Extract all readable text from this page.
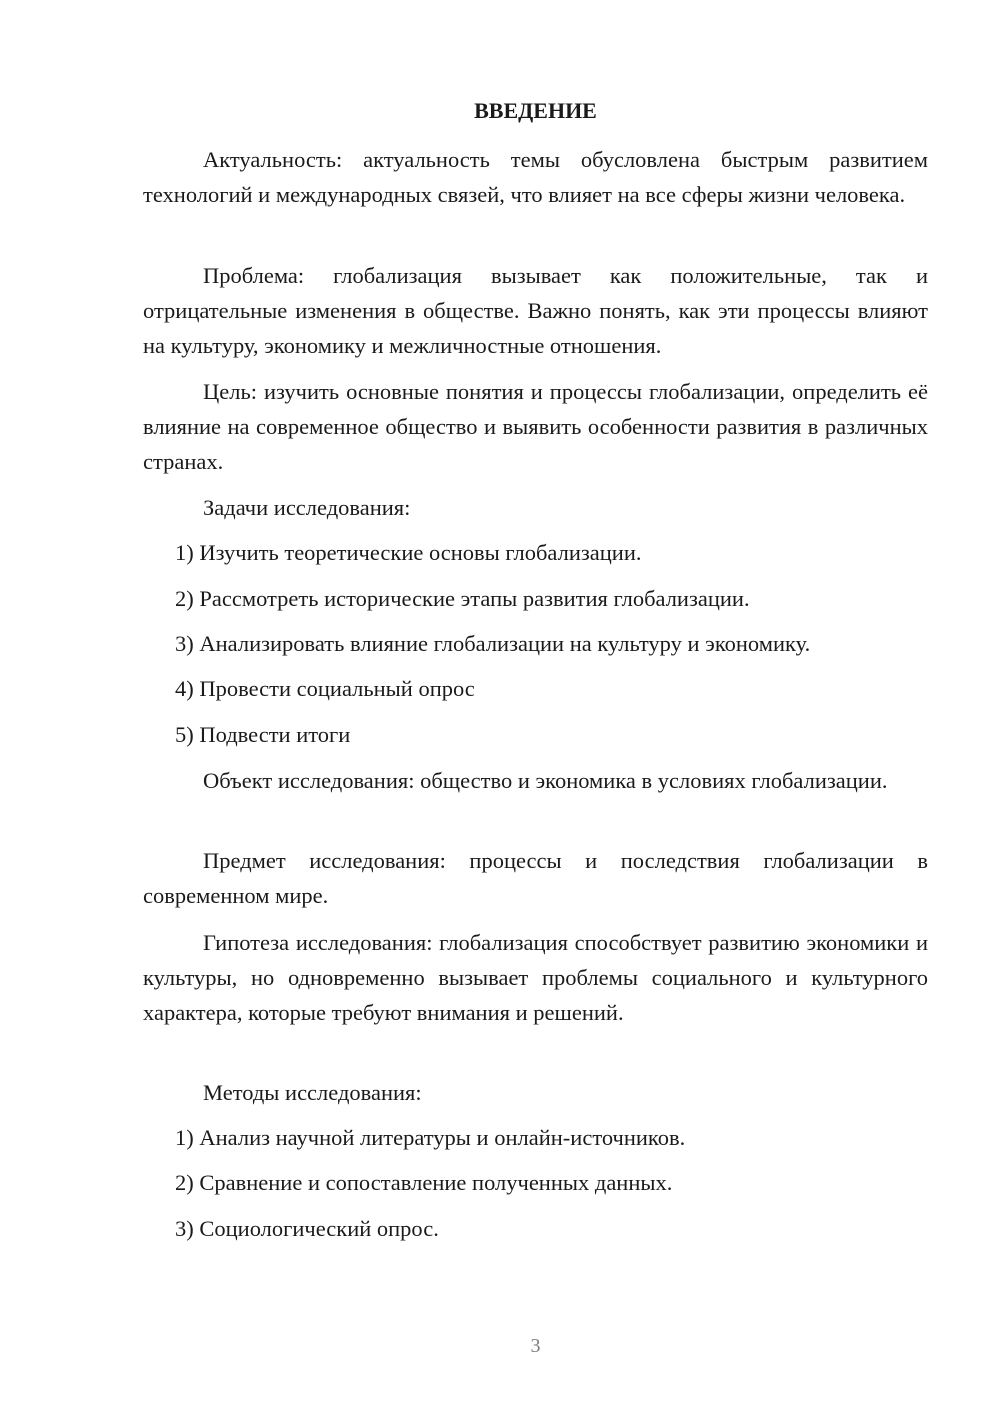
ВВЕДЕНИЕ

Актуальность: актуальность темы обусловлена быстрым развитием технологий и международных связей, что влияет на все сферы жизни человека.

Проблема: глобализация вызывает как положительные, так и отрицательные изменения в обществе. Важно понять, как эти процессы влияют на культуру, экономику и межличностные отношения.

Цель: изучить основные понятия и процессы глобализации, определить её влияние на современное общество и выявить особенности развития в различных странах.

Задачи исследования:

1) Изучить теоретические основы глобализации.

2) Рассмотреть исторические этапы развития глобализации.

3) Анализировать влияние глобализации на культуру и экономику.

4) Провести социальный опрос

5) Подвести итоги

Объект исследования: общество и экономика в условиях глобализации.

Предмет исследования: процессы и последствия глобализации в современном мире.

Гипотеза исследования: глобализация способствует развитию экономики и культуры, но одновременно вызывает проблемы социального и культурного характера, которые требуют внимания и решений.

Методы исследования:

1) Анализ научной литературы и онлайн-источников.

2) Сравнение и сопоставление полученных данных.

3) Социологический опрос.

3
